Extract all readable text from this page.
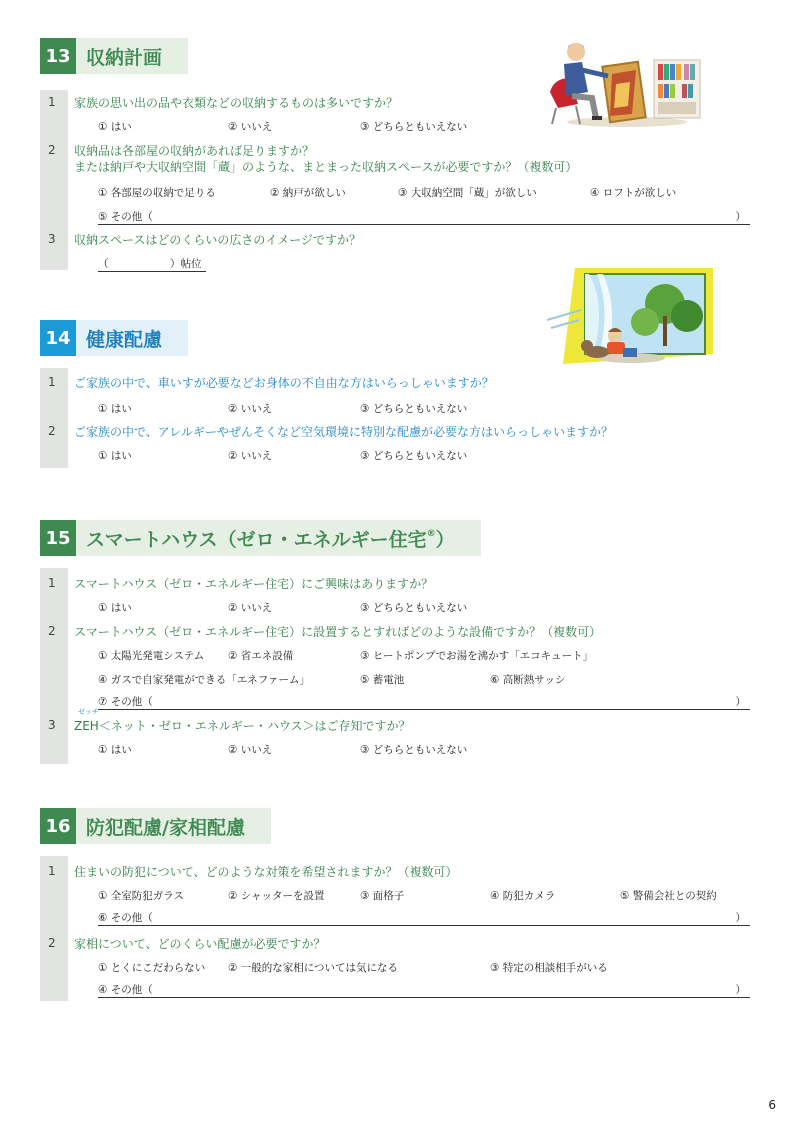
13 収納計画
1 家族の思い出の品や衣類などの収納するものは多いですか？
① はい	② いいえ	③ どちらともいえない
2 収納品は各部屋の収納があれば足りますか？
または納戸や大収納空間「蔵」のような、まとまった収納スペースが必要ですか？（複数可）
① 各部屋の収納で足りる	② 納戸が欲しい	③ 大収納空間「蔵」が欲しい	④ ロフトが欲しい
⑤ その他（	）
3 収納スペースはどのくらいの広さのイメージですか？
（	）帖位
14 健康配慮
1 ご家族の中で、車いすが必要などお身体の不自由な方はいらっしゃいますか？
① はい	② いいえ	③ どちらともいえない
2 ご家族の中で、アレルギーやぜんそくなど空気環境に特別な配慮が必要な方はいらっしゃいますか？
① はい	② いいえ	③ どちらともいえない
15 スマートハウス（ゼロ・エネルギー住宅® ）
1 スマートハウス（ゼロ・エネルギー住宅）にご興味はありますか？
① はい	② いいえ	③ どちらともいえない
2 スマートハウス（ゼロ・エネルギー住宅）に設置するとすればどのような設備ですか？（複数可）
① 太陽光発電システム ② 省エネ設備	③ ヒートポンプでお湯を沸かす「エコキュート」
④ ガスで自家発電ができる「エネファーム」	⑤ 蓄電池	⑥ 高断熱サッシ
⑦ その他（	）
ゼッチ
3 ZEH＜ネット・ゼロ・エネルギー・ハウス＞はご存知ですか？
① はい	② いいえ	③ どちらともいえない
16 防犯配慮/家相配慮
1 住まいの防犯について、どのような対策を希望されますか？（複数可）
① 全室防犯ガラス	② シャッターを設置	③ 面格子	④ 防犯カメラ	⑤ 警備会社との契約
⑥ その他（	）
2 家相について、どのくらい配慮が必要ですか？
① とくにこだわらない ② 一般的な家相については気になる	③ 特定の相談相手がいる
④ その他（	）
6
